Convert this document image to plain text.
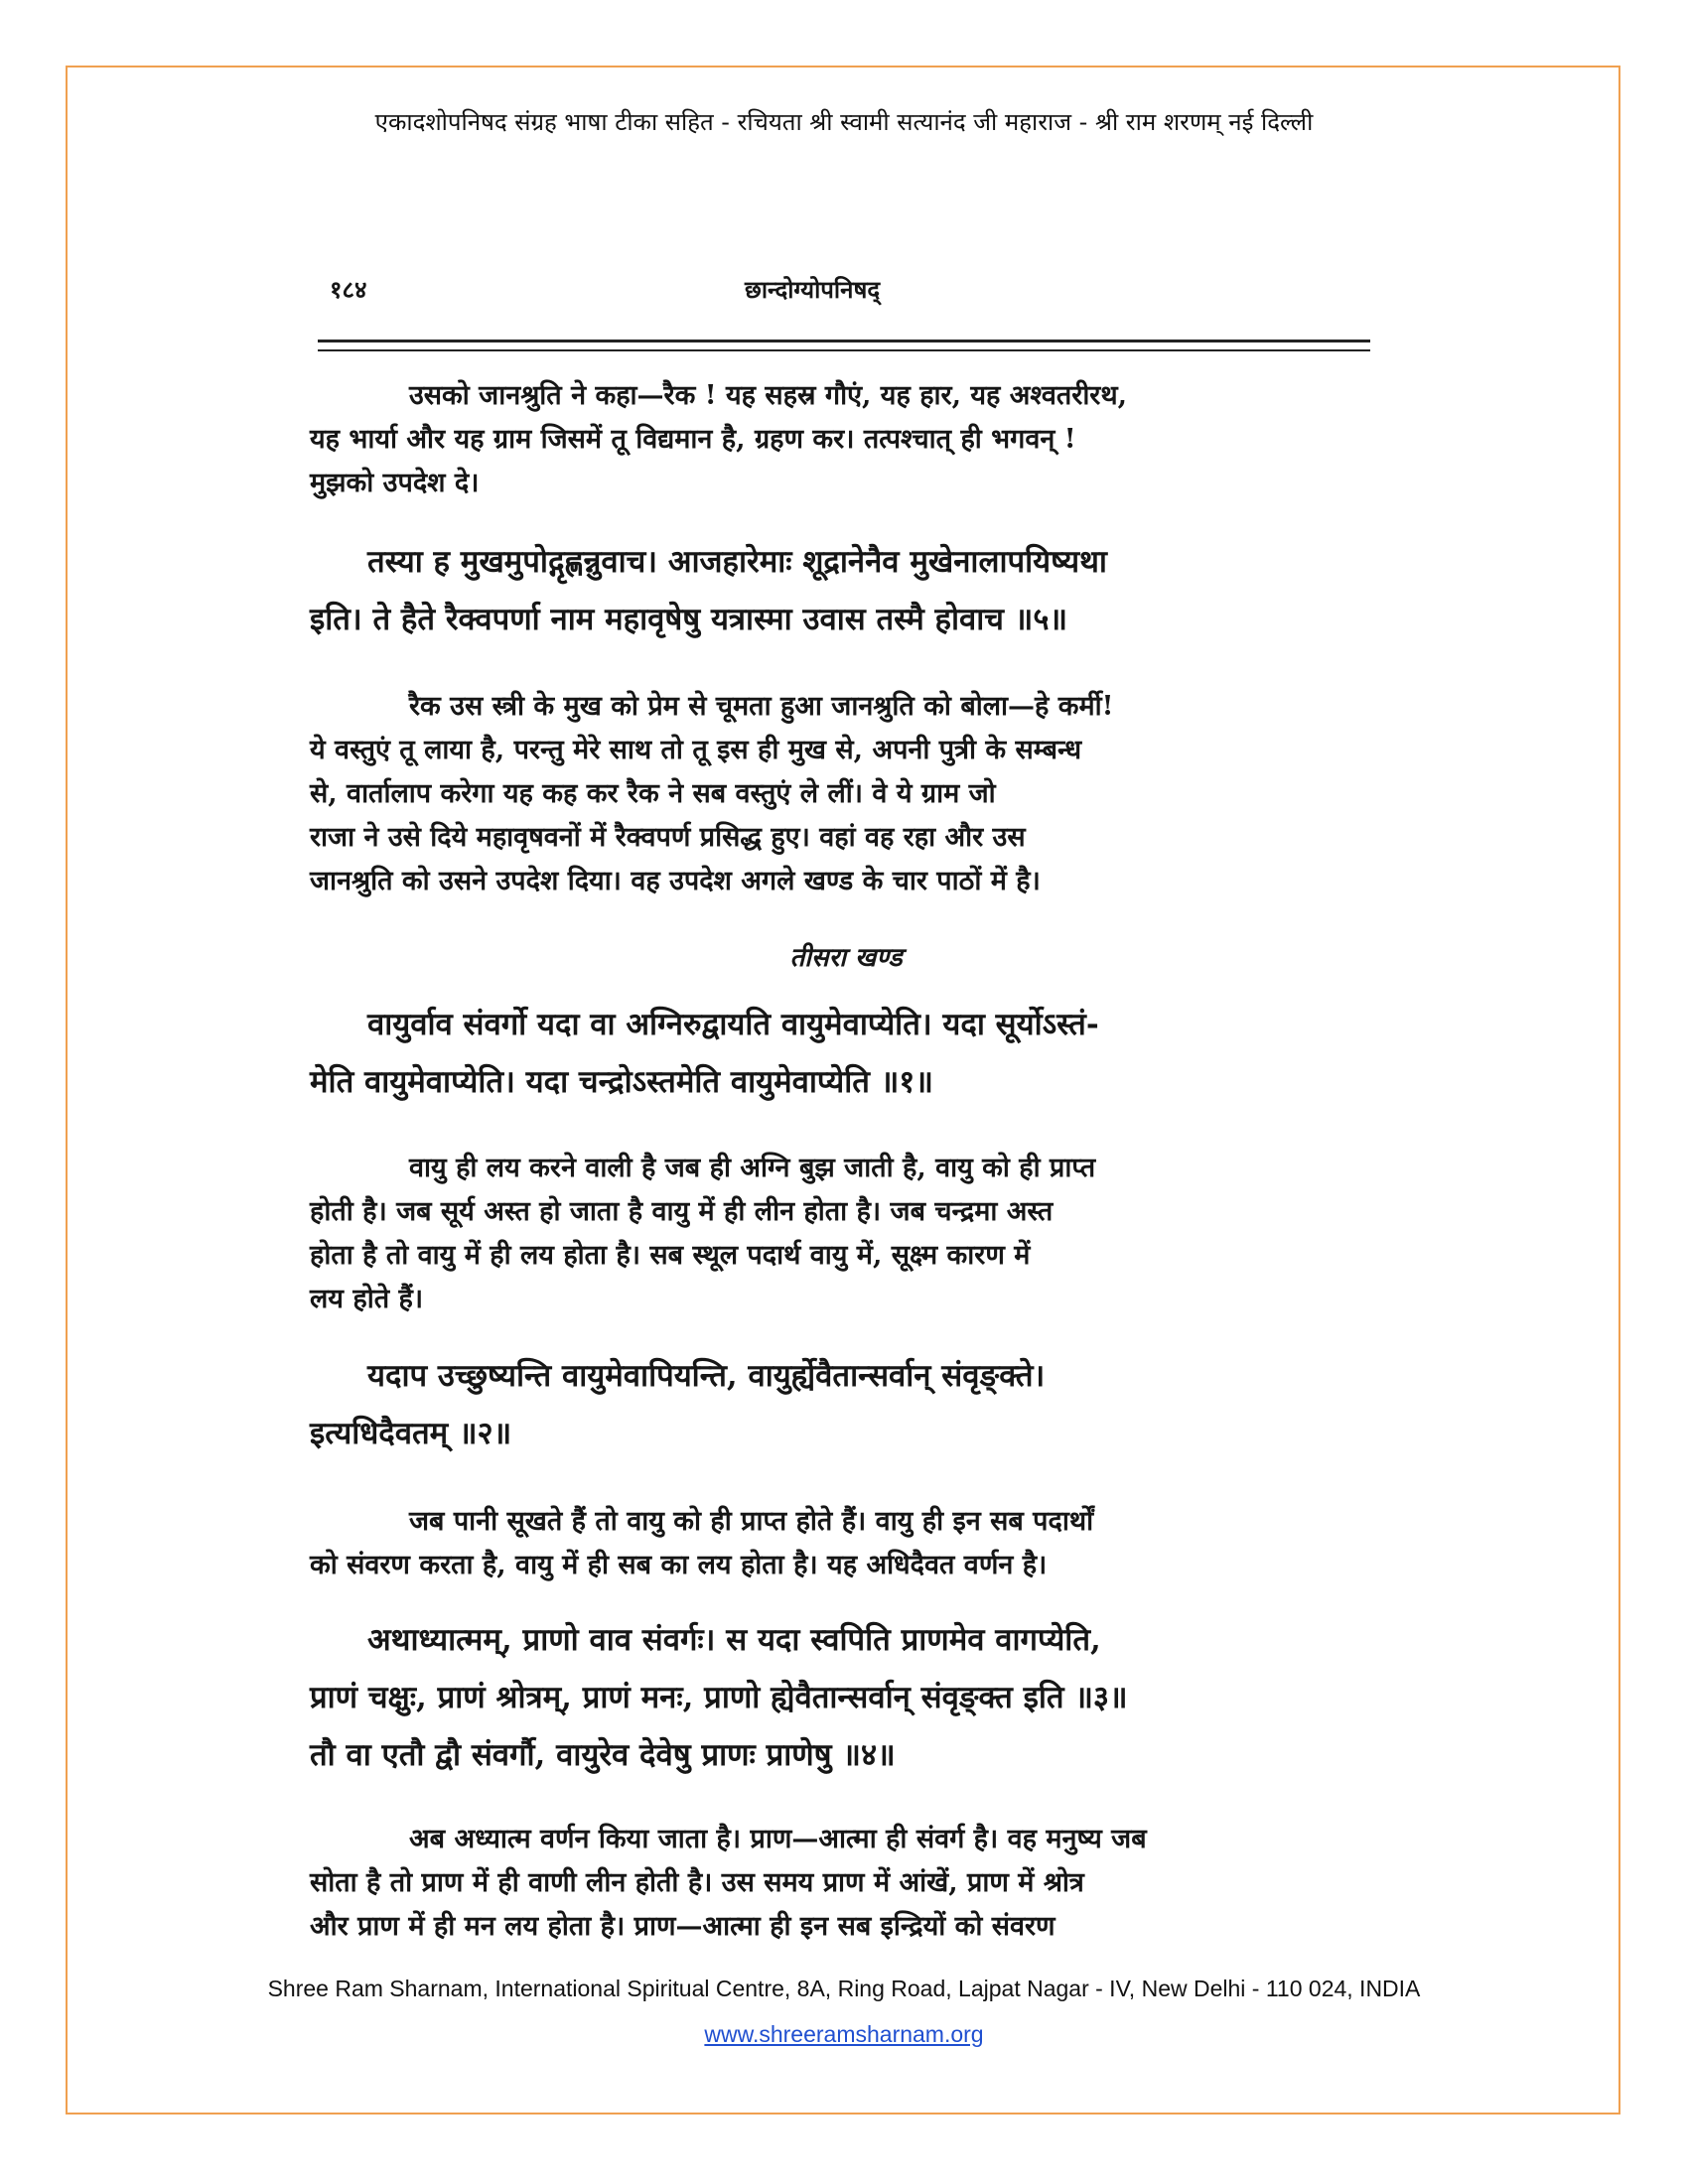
एकादशोपनिषद संग्रह भाषा टीका सहित - रचियता श्री स्वामी सत्यानंद जी महाराज - श्री राम शरणम् नई दिल्ली
१८४	छान्दोग्योपनिषद्
उसको जानश्रुति ने कहा—रैक ! यह सहस्र गौएं, यह हार, यह अश्वतरीरथ,
यह भार्या और यह ग्राम जिसमें तू विद्यमान है, ग्रहण कर। तत्पश्चात् ही भगवन् !
मुझको उपदेश दे।
तस्या ह मुखमुपोद्गृह्णन्नुवाच। आजहारेमाः शूद्रानेनैव मुखेनालापयिष्यथा
इति। ते हैते रैक्वपर्णा नाम महावृषेषु यत्रास्मा उवास तस्मै होवाच ॥५॥
रैक उस स्त्री के मुख को प्रेम से चूमता हुआ जानश्रुति को बोला—हे कर्मी!
ये वस्तुएं तू लाया है, परन्तु मेरे साथ तो तू इस ही मुख से, अपनी पुत्री के सम्बन्ध
से, वार्तालाप करेगा यह कह कर रैक ने सब वस्तुएं ले लीं। वे ये ग्राम जो
राजा ने उसे दिये महावृषवनों में रैक्वपर्ण प्रसिद्ध हुए। वहां वह रहा और उस
जानश्रुति को उसने उपदेश दिया। वह उपदेश अगले खण्ड के चार पाठों में है।
तीसरा खण्ड
वायुर्वाव संवर्गो यदा वा अग्निरुद्वायति वायुमेवाप्येति। यदा सूर्योऽस्तं-
मेति वायुमेवाप्येति। यदा चन्द्रोऽस्तमेति वायुमेवाप्येति ॥१॥
वायु ही लय करने वाली है जब ही अग्नि बुझ जाती है, वायु को ही प्राप्त
होती है। जब सूर्य अस्त हो जाता है वायु में ही लीन होता है। जब चन्द्रमा अस्त
होता है तो वायु में ही लय होता है। सब स्थूल पदार्थ वायु में, सूक्ष्म कारण में
लय होते हैं।
यदाप उच्छुष्यन्ति वायुमेवापियन्ति, वायुर्ह्येवैतान्सर्वान् संवृङ्क्ते।
इत्यधिदैवतम् ॥२॥
जब पानी सूखते हैं तो वायु को ही प्राप्त होते हैं। वायु ही इन सब पदार्थों
को संवरण करता है, वायु में ही सब का लय होता है। यह अधिदैवत वर्णन है।
अथाध्यात्मम्, प्राणो वाव संवर्गः। स यदा स्वपिति प्राणमेव वागप्येति,
प्राणं चक्षुः, प्राणं श्रोत्रम्, प्राणं मनः, प्राणो ह्येवैतान्सर्वान् संवृङ्क्त इति ॥३॥
तौ वा एतौ द्वौ संवर्गौ, वायुरेव देवेषु प्राणः प्राणेषु ॥४॥
अब अध्यात्म वर्णन किया जाता है। प्राण—आत्मा ही संवर्ग है। वह मनुष्य जब
सोता है तो प्राण में ही वाणी लीन होती है। उस समय प्राण में आंखें, प्राण में श्रोत्र
और प्राण में ही मन लय होता है। प्राण—आत्मा ही इन सब इन्द्रियों को संवरण
Shree Ram Sharnam, International Spiritual Centre, 8A, Ring Road, Lajpat Nagar - IV, New Delhi - 110 024, INDIA
www.shreeramsharnam.org
